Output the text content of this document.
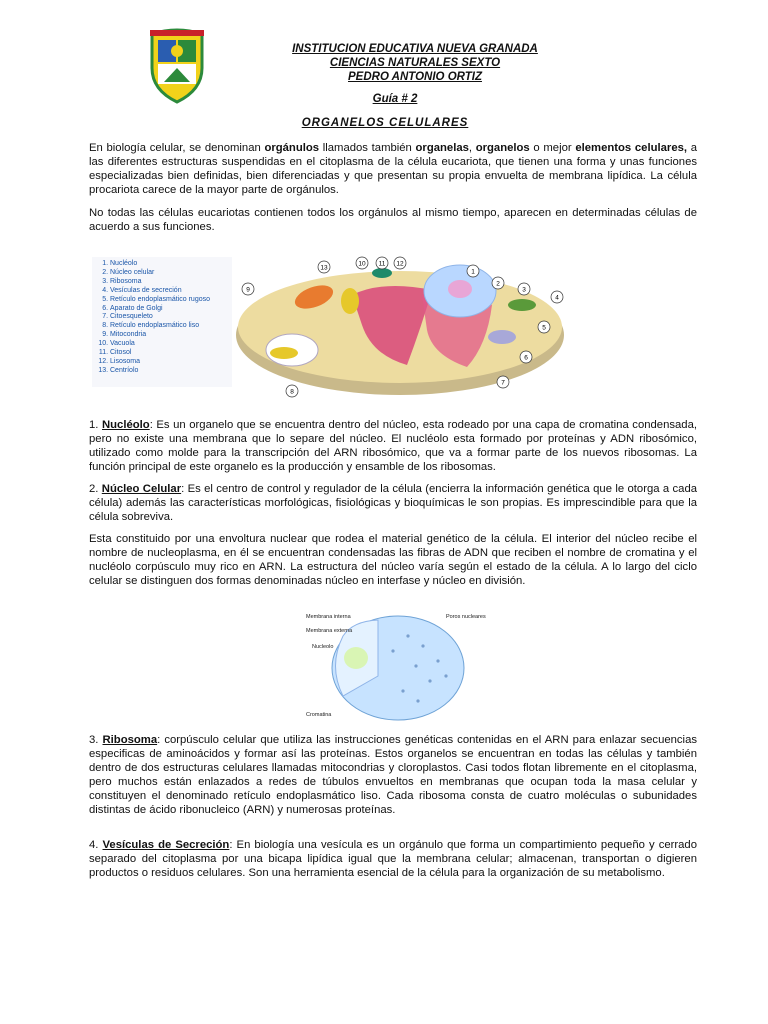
INSTITUCION EDUCATIVA NUEVA GRANADA
CIENCIAS NATURALES SEXTO
PEDRO ANTONIO ORTIZ
Guía # 2
ORGANELOS CELULARES
En biología celular, se denominan orgánulos llamados también organelas, organelos o mejor elementos celulares, a las diferentes estructuras suspendidas en el citoplasma de la célula eucariota, que tienen una forma y unas funciones especializadas bien definidas, bien diferenciadas y que presentan su propia envuelta de membrana lipídica. La célula procariota carece de la mayor parte de orgánulos.
No todas las células eucariotas contienen todos los orgánulos al mismo tiempo, aparecen en determinadas células de acuerdo a sus funciones.
1. Nucléolo
2. Núcleo celular
3. Ribosoma
4. Vesículas de secreción
5. Retículo endoplasmático rugoso
6. Aparato de Golgi
7. Citoesqueleto
8. Retículo endoplasmático liso
9. Mitocondria
10. Vacuola
11. Citosol
12. Lisosoma
13. Centríolo
1
2
3
4
5
6
7
8
9
10 11 12
13
1. Nucléolo: Es un organelo que se encuentra dentro del núcleo, esta rodeado por una capa de cromatina condensada, pero no existe una membrana que lo separe del núcleo. El nucléolo esta formado por proteínas y ADN ribosómico, utilizado como molde para la transcripción del ARN ribosómico, que va a formar parte de los nuevos ribosomas. La función principal de este organelo es la producción y ensamble de los ribosomas.
2. Núcleo Celular: Es el centro de control y regulador de la célula (encierra la información genética que le otorga a cada célula) además las características morfológicas, fisiológicas y bioquímicas le son propias. Es imprescindible para que la célula sobreviva.
Esta constituido por una envoltura nuclear que rodea el material genético de la célula. El interior del núcleo recibe el nombre de nucleoplasma, en él se encuentran condensadas las fibras de ADN que reciben el nombre de cromatina y el nucléolo corpúsculo muy rico en ARN. La estructura del núcleo varía según el estado de la célula. A lo largo del ciclo celular se distinguen dos formas denominadas núcleo en interfase y núcleo en división.
Membrana interna
Membrana externa
Nucleolo
Cromatina
Poros nucleares
3. Ribosoma: corpúsculo celular que utiliza las instrucciones genéticas contenidas en el ARN para enlazar secuencias especificas de aminoácidos y formar así las proteínas. Estos organelos se encuentran en todas las células y también dentro de dos estructuras celulares llamadas mitocondrias y cloroplastos. Casi todos flotan libremente en el citoplasma, pero muchos están enlazados a redes de túbulos envueltos en membranas que ocupan toda la masa celular y constituyen el denominado retículo endoplasmático liso. Cada ribosoma consta de cuatro moléculas o subunidades distintas de ácido ribonucleico (ARN) y numerosas proteínas.
4. Vesículas de Secreción: En biología una vesícula es un orgánulo que forma un compartimiento pequeño y cerrado separado del citoplasma por una bicapa lipídica igual que la membrana celular; almacenan, transportan o digieren productos o residuos celulares. Son una herramienta esencial de la célula para la organización de su metabolismo.
